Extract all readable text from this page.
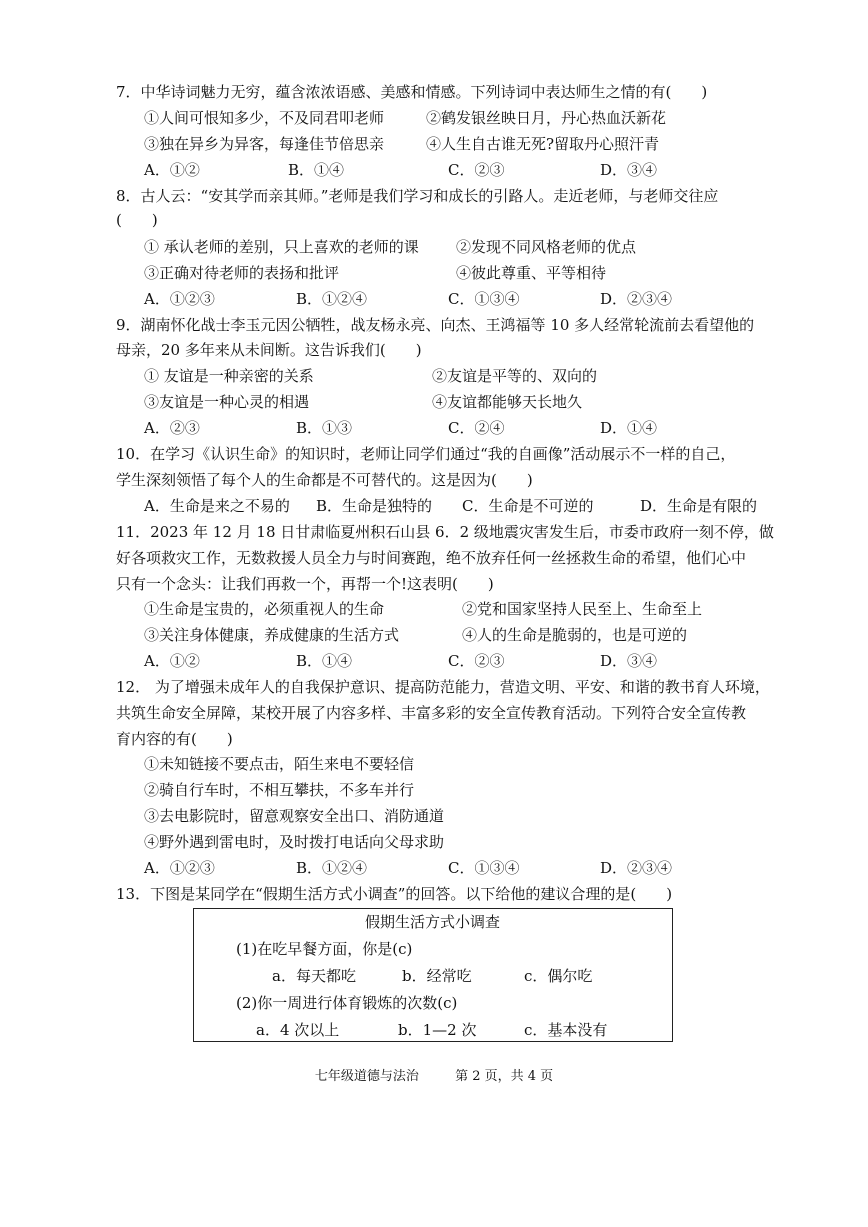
7．中华诗词魅力无穷，蕴含浓浓语感、美感和情感。下列诗词中表达师生之情的有(　　)
①人间可恨知多少，不及同君叩老师	②鹤发银丝映日月，丹心热血沃新花
③独在异乡为异客，每逢佳节倍思亲	④人生自古谁无死?留取丹心照汗青
A．①②	B．①④	C．②③	D．③④
8．古人云：“安其学而亲其师。”老师是我们学习和成长的引路人。走近老师，与老师交往应
(　　)
① 承认老师的差别，只上喜欢的老师的课 ②发现不同风格老师的优点
③正确对待老师的表扬和批评	④彼此尊重、平等相待
A．①②③	B．①②④	C．①③④	D．②③④
9．湖南怀化战士李玉元因公牺牲，战友杨永亮、向杰、王鸿福等 10 多人经常轮流前去看望他的
母亲，20 多年来从未间断。这告诉我们(　　)
① 友谊是一种亲密的关系	②友谊是平等的、双向的
③友谊是一种心灵的相遇	④友谊都能够天长地久
A．②③	B．①③	C．②④	D．①④
10．在学习《认识生命》的知识时，老师让同学们通过“我的自画像”活动展示不一样的自己，
学生深刻领悟了每个人的生命都是不可替代的。这是因为(　　)
A．生命是来之不易的 B．生命是独特的 C．生命是不可逆的	D．生命是有限的
11．2023 年 12 月 18 日甘肃临夏州积石山县 6．2 级地震灾害发生后，市委市政府一刻不停，做
好各项救灾工作，无数救援人员全力与时间赛跑，绝不放弃任何一丝拯救生命的希望，他们心中
只有一个念头：让我们再救一个，再帮一个!这表明(　　)
①生命是宝贵的，必须重视人的生命	②党和国家坚持人民至上、生命至上
③关注身体健康，养成健康的生活方式	④人的生命是脆弱的，也是可逆的
A．①②	B．①④	C．②③	D．③④
12． 为了增强未成年人的自我保护意识、提高防范能力，营造文明、平安、和谐的教书育人环境，
共筑生命安全屏障，某校开展了内容多样、丰富多彩的安全宣传教育活动。下列符合安全宣传教
育内容的有(　　)
①未知链接不要点击，陌生来电不要轻信
②骑自行车时，不相互攀扶，不多车并行
③去电影院时，留意观察安全出口、消防通道
④野外遇到雷电时，及时拨打电话向父母求助
A．①②③	B．①②④	C．①③④	D．②③④
13．下图是某同学在“假期生活方式小调查”的回答。以下给他的建议合理的是(　　)
假期生活方式小调查
(1)在吃早餐方面，你是(c)
a．每天都吃	b．经常吃	c．偶尔吃
(2)你一周进行体育锻炼的次数(c)
a．4 次以上	b．1—2 次	c．基本没有
七年级道德与法治	第 2 页，共 4 页
